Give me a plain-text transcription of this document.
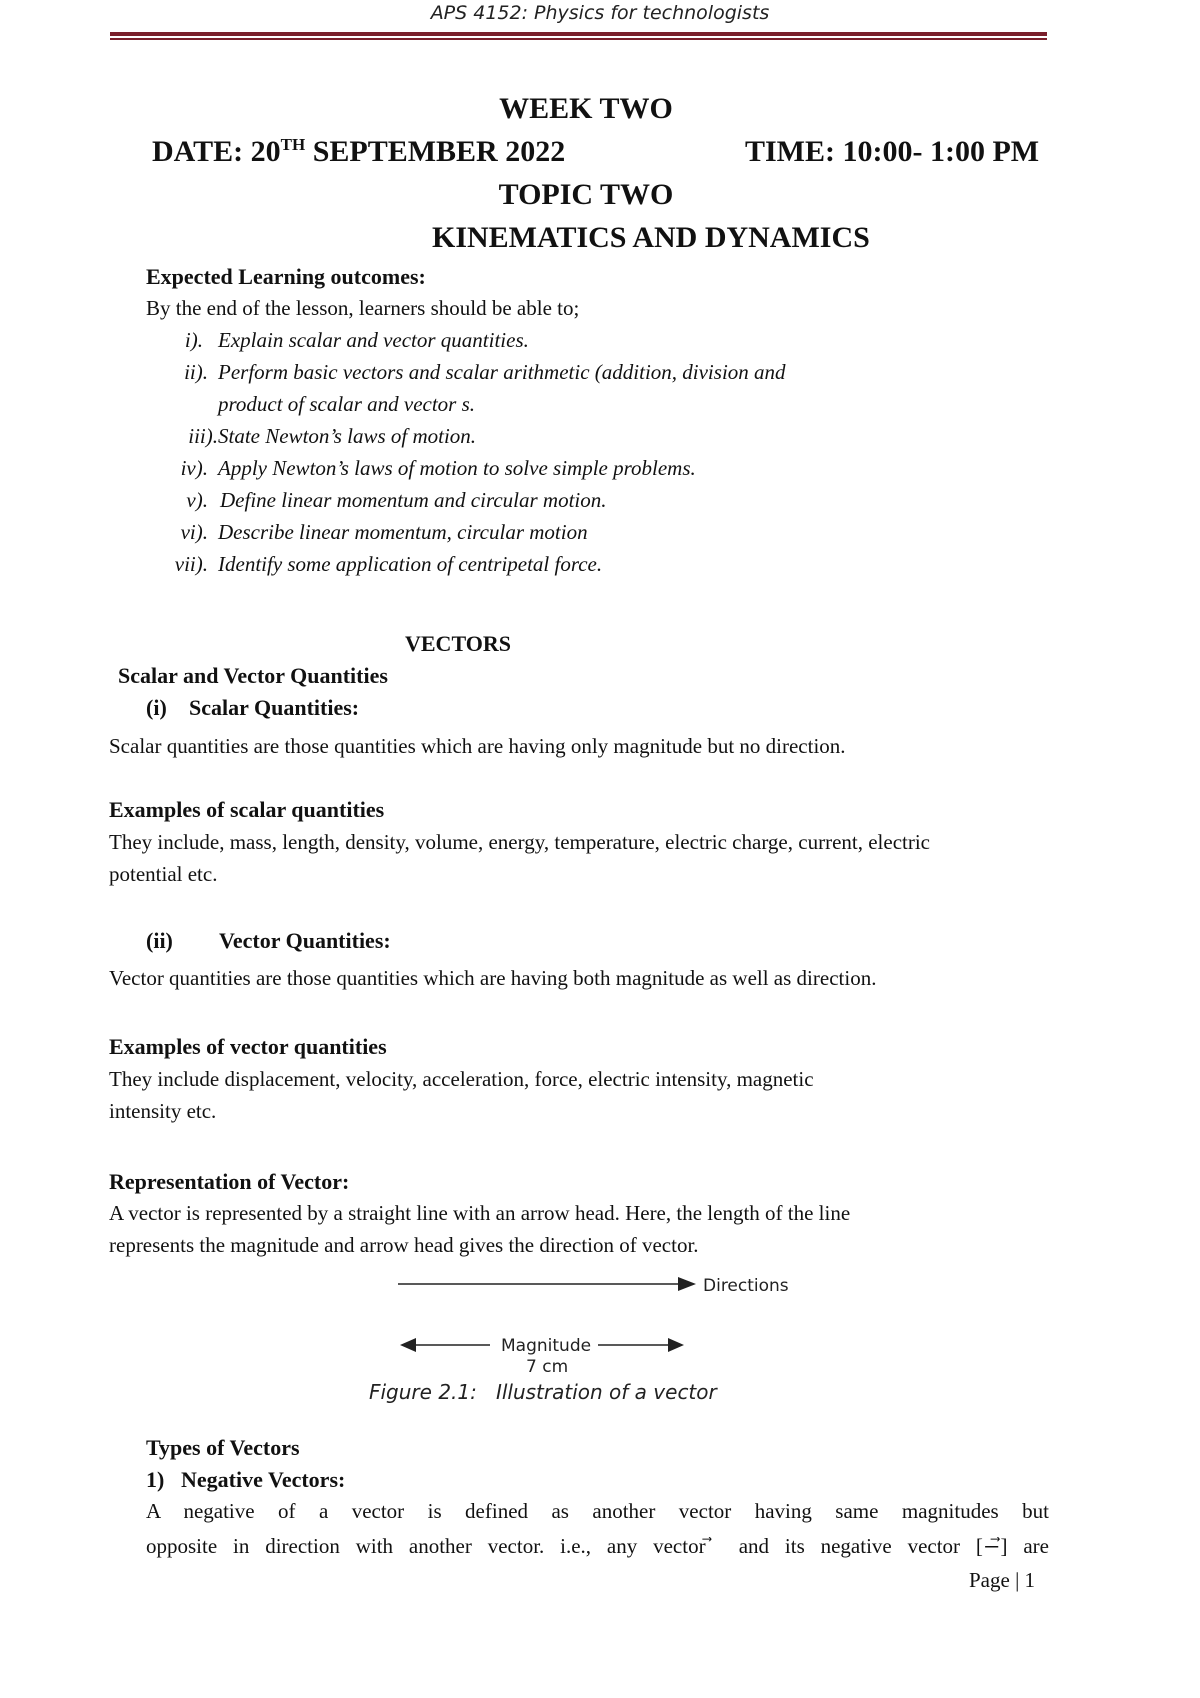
APS 4152: Physics for technologists
WEEK TWO
DATE: 20TH SEPTEMBER 2022	TIME: 10:00- 1:00 PM
TOPIC TWO
KINEMATICS AND DYNAMICS
Expected Learning outcomes:
By the end of the lesson, learners should be able to;
i). Explain scalar and vector quantities.
ii). Perform basic vectors and scalar arithmetic (addition, division and
product of scalar and vector s.
iii). State Newton’s laws of motion.
iv). Apply Newton’s laws of motion to solve simple problems.
v). Define linear momentum and circular motion.
vi). Describe linear momentum, circular motion
vii). Identify some application of centripetal force.
VECTORS
Scalar and Vector Quantities
(i) Scalar Quantities:
Scalar quantities are those quantities which are having only magnitude but no direction.
Examples of scalar quantities
They include, mass, length, density, volume, energy, temperature, electric charge, current, electric
potential etc.
(ii) Vector Quantities:
Vector quantities are those quantities which are having both magnitude as well as direction.
Examples of vector quantities
They include displacement, velocity, acceleration, force, electric intensity, magnetic
intensity etc.
Representation of Vector:
A vector is represented by a straight line with an arrow head. Here, the length of the line
represents the magnitude and arrow head gives the direction of vector.
Directions
Magnitude
7 cm
Figure 2.1: Illustration of a vector
Types of Vectors
1) Negative Vectors:
A negative of a vector is defined as another vector having same magnitudes but
opposite in direction with another vector. i.e., any vector ⃗ and its negative vector [−⃗] are
Page | 1
